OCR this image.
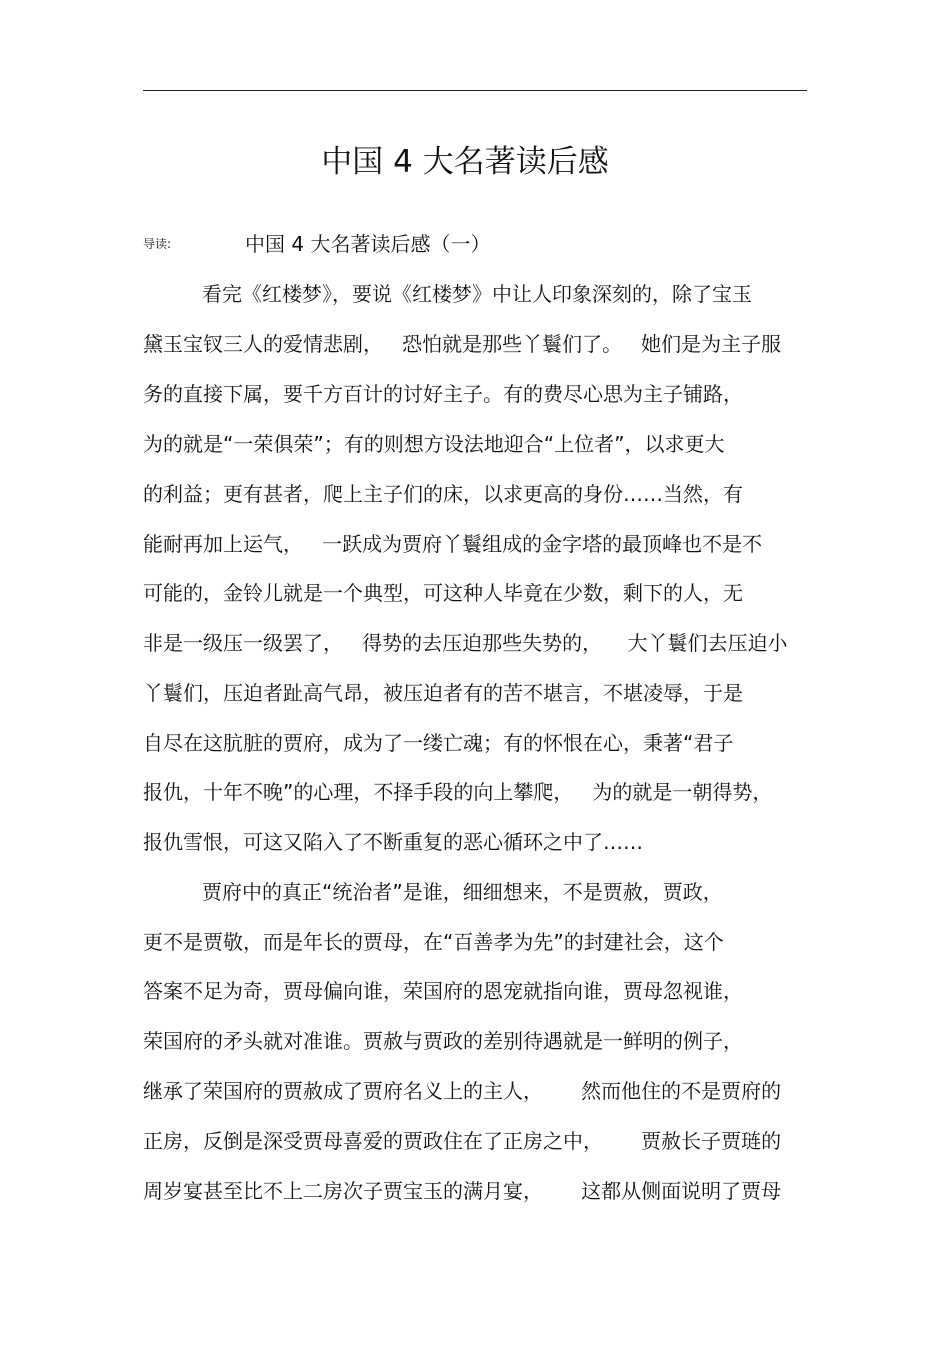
中国 4 大名著读后感
导读:	中国 4 大名著读后感（一）
看完《红楼梦》，要说《红楼梦》中让人印象深刻的，除了宝玉
黛玉宝钗三人的爱情悲剧，   恐怕就是那些丫鬟们了。   她们是为主子服
务的直接下属，要千方百计的讨好主子。有的费尽心思为主子铺路，
为的就是“一荣俱荣”；有的则想方设法地迎合“上位者”，以求更大
的利益；更有甚者，爬上主子们的床，以求更高的身份……当然，有
能耐再加上运气，   一跃成为贾府丫鬟组成的金字塔的最顶峰也不是不
可能的，金铃儿就是一个典型，可这种人毕竟在少数，剩下的人，无
非是一级压一级罢了，   得势的去压迫那些失势的，    大丫鬟们去压迫小
丫鬟们，压迫者趾高气昂，被压迫者有的苦不堪言，不堪凌辱，于是
自尽在这肮脏的贾府，成为了一缕亡魂；有的怀恨在心，秉著“君子
报仇，十年不晚”的心理，不择手段的向上攀爬，   为的就是一朝得势，
报仇雪恨，可这又陷入了不断重复的恶心循环之中了……
贾府中的真正“统治者”是谁，细细想来，不是贾赦，贾政，
更不是贾敬，而是年长的贾母，在“百善孝为先”的封建社会，这个
答案不足为奇，贾母偏向谁，荣国府的恩宠就指向谁，贾母忽视谁，
荣国府的矛头就对准谁。贾赦与贾政的差别待遇就是一鲜明的例子，
继承了荣国府的贾赦成了贾府名义上的主人，      然而他住的不是贾府的
正房，反倒是深受贾母喜爱的贾政住在了正房之中，      贾赦长子贾琏的
周岁宴甚至比不上二房次子贾宝玉的满月宴，      这都从侧面说明了贾母
